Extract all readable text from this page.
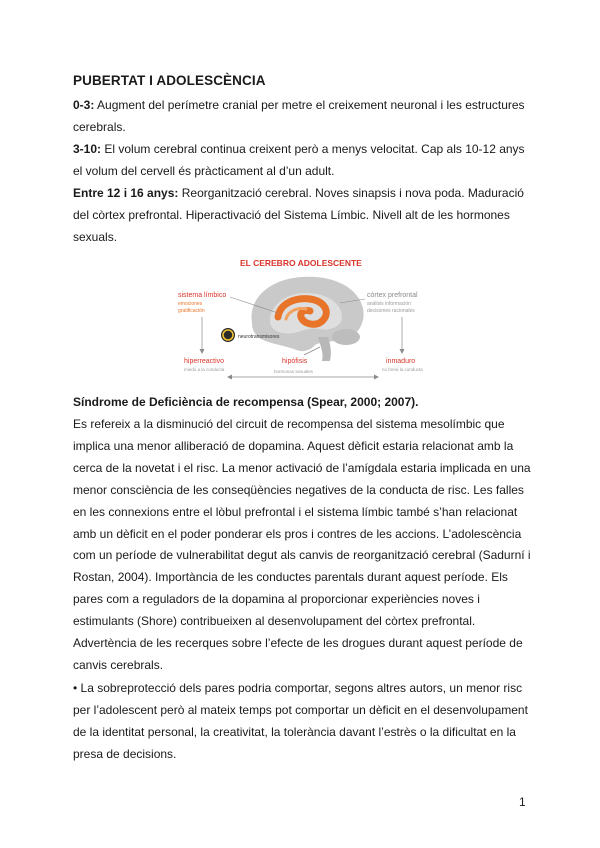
PUBERTAT I ADOLESCÈNCIA
0-3: Augment del perímetre cranial per metre el creixement neuronal i les estructures cerebrals.
3-10: El volum cerebral continua creixent però a menys velocitat. Cap als 10-12 anys el volum del cervell és pràcticament al d’un adult.
Entre 12 i 16 anys: Reorganització cerebral. Noves sinapsis i nova poda. Maduració del còrtex prefrontal. Hiperactivació del Sistema Límbic. Nivell alt de les hormones sexuals.
EL CEREBRO ADOLESCENTE
sistema límbico
emociones
gratificación
córtex prefrontal
análisis información
decisiones racionales
neurotransmisores
hiperreactivo
miedo a la conducta
hipófisis
hormonas sexuales
inmaduro
no frena la conducta
Síndrome de Deficiència de recompensa (Spear, 2000; 2007).
Es refereix a la disminució del circuit de recompensa del sistema mesolímbic que implica una menor alliberació de dopamina. Aquest dèficit estaria relacionat amb la cerca de la novetat i el risc. La menor activació de l’amígdala estaria implicada en una menor consciència de les conseqüències negatives de la conducta de risc. Les falles en les connexions entre el lòbul prefrontal i el sistema límbic també s’han relacionat amb un dèficit en el poder ponderar els pros i contres de les accions. L’adolescència com un període de vulnerabilitat degut als canvis de reorganització cerebral (Sadurní i Rostan, 2004). Importància de les conductes parentals durant aquest període. Els pares com a reguladors de la dopamina al proporcionar experiències noves i estimulants (Shore) contribueixen al desenvolupament del còrtex prefrontal. Advertència de les recerques sobre l’efecte de les drogues durant aquest període de canvis cerebrals.
• La sobreprotecció dels pares podria comportar, segons altres autors, un menor risc per l’adolescent però al mateix temps pot comportar un dèficit en el desenvolupament de la identitat personal, la creativitat, la tolerància davant l’estrès o la dificultat en la presa de decisions.
1
